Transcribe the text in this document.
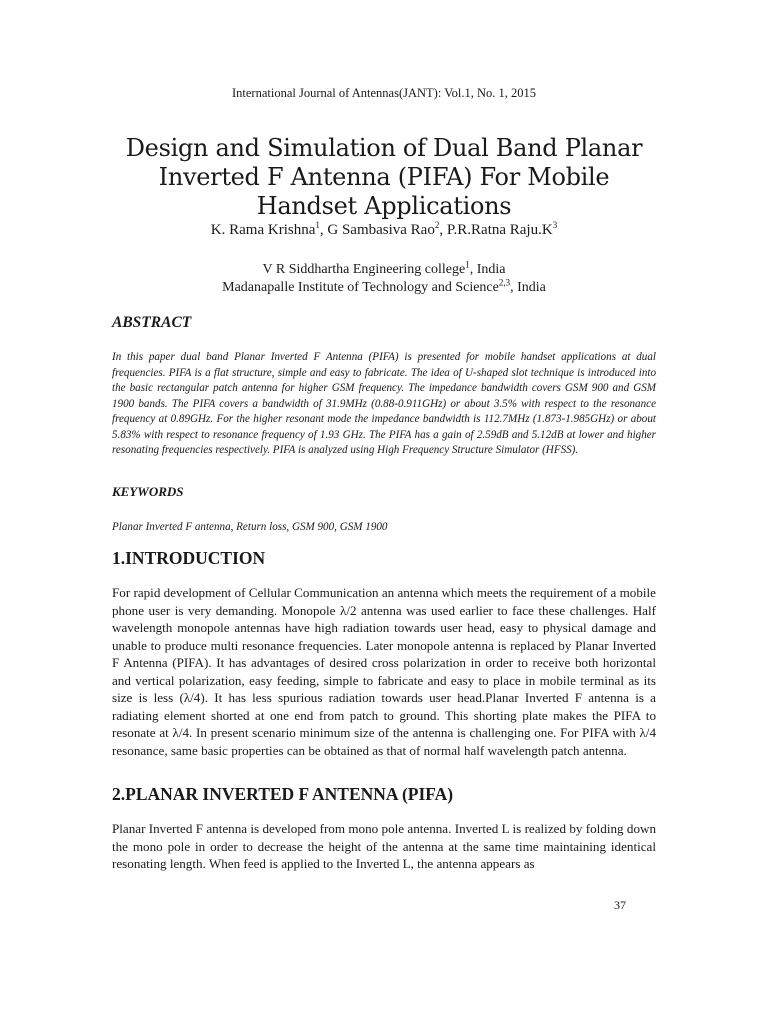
International Journal of Antennas(JANT): Vol.1, No. 1, 2015
Design and Simulation of Dual Band Planar Inverted F Antenna (PIFA) For Mobile Handset Applications
K. Rama Krishna$^1$, G Sambasiva Rao$^2$, P.R.Ratna $Raju.K^3$
V R Siddhartha Engineering college$^1$, India
Madanapalle Institute of Technology and Science$^{2,3}$, India
ABSTRACT

In this paper dual band Planar Inverted F Antenna (PIFA) is presented for mobile handset applications at dual frequencies. PIFA is a flat structure, simple and easy to fabricate. The idea of U-shaped slot technique is introduced into the basic rectangular patch antenna for higher GSM frequency. The impedance bandwidth covers GSM 900 and GSM 1900 bands. The PIFA covers a bandwidth of 31.9MHz (0.88-0.911GHz) or about 3.5% with respect to the resonance frequency at 0.89GHz. For the higher resonant mode the impedance bandwidth is 112.7MHz (1.873-1.985GHz) or about 5.83% with respect to resonance frequency of 1.93 GHz. The PIFA has a gain of 2.59dB and 5.12dB at lower and higher resonating frequencies respectively. PIFA is analyzed using High Frequency Structure Simulator (HFSS).

KEYWORDS

Planar Inverted F antenna, Return loss, GSM 900, GSM 1900

1.INTRODUCTION

For rapid development of Cellular Communication an antenna which meets the requirement of a mobile phone user is very demanding. Monopole λ/2 antenna was used earlier to face these challenges. Half wavelength monopole antennas have high radiation towards user head, easy to physical damage and unable to produce multi resonance frequencies. Later monopole antenna is replaced by Planar Inverted F Antenna (PIFA). It has advantages of desired cross polarization in order to receive both horizontal and vertical polarization, easy feeding, simple to fabricate and easy to place in mobile terminal as its size is less (λ/4). It has less spurious radiation towards user head.Planar Inverted F antenna is a radiating element shorted at one end from patch to ground. This shorting plate makes the PIFA to resonate at λ/4. In present scenario minimum size of the antenna is challenging one. For PIFA with λ/4 resonance, same basic properties can be obtained as that of normal half wavelength patch antenna.

2.PLANAR INVERTED F ANTENNA (PIFA)

Planar Inverted F antenna is developed from mono pole antenna. Inverted L is realized by folding down the mono pole in order to decrease the height of the antenna at the same time maintaining identical resonating length. When feed is applied to the Inverted L, the antenna appears as

37
